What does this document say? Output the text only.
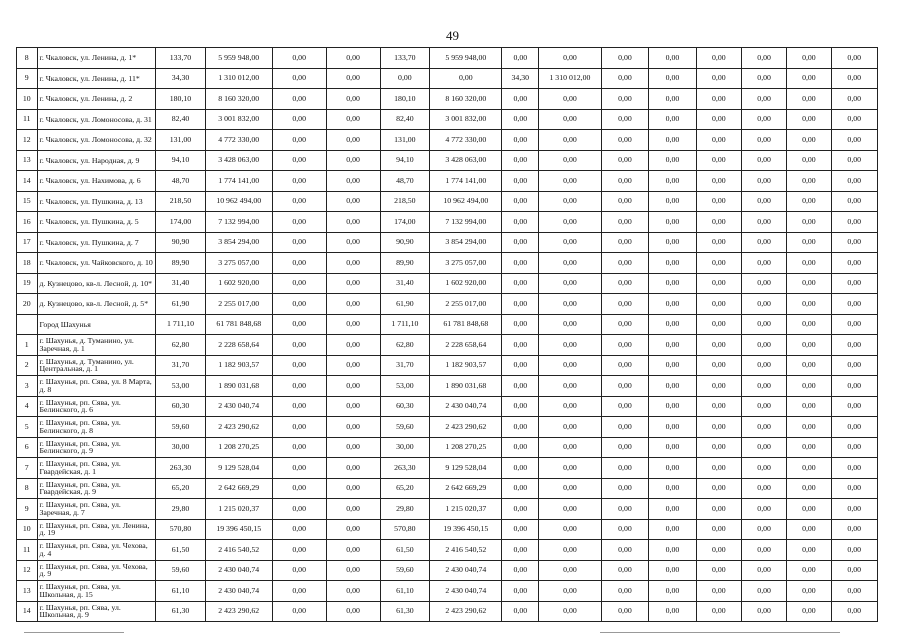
49
8	г. Чкаловск, ул. Ленина, д. 1*	133,70	5 959 948,00	0,00	0,00	133,70	5 959 948,00	0,00	0,00	0,00	0,00	0,00	0,00	0,00	0,00
9	г. Чкаловск, ул. Ленина, д. 11*	34,30	1 310 012,00	0,00	0,00	0,00	0,00	34,30	1 310 012,00	0,00	0,00	0,00	0,00	0,00	0,00
10	г. Чкаловск, ул. Ленина, д. 2	180,10	8 160 320,00	0,00	0,00	180,10	8 160 320,00	0,00	0,00	0,00	0,00	0,00	0,00	0,00	0,00
11	г. Чкаловск, ул. Ломоносова, д. 31	82,40	3 001 832,00	0,00	0,00	82,40	3 001 832,00	0,00	0,00	0,00	0,00	0,00	0,00	0,00	0,00
12	г. Чкаловск, ул. Ломоносова, д. 32	131,00	4 772 330,00	0,00	0,00	131,00	4 772 330,00	0,00	0,00	0,00	0,00	0,00	0,00	0,00	0,00
13	г. Чкаловск, ул. Народная, д. 9	94,10	3 428 063,00	0,00	0,00	94,10	3 428 063,00	0,00	0,00	0,00	0,00	0,00	0,00	0,00	0,00
14	г. Чкаловск, ул. Нахимова, д. 6	48,70	1 774 141,00	0,00	0,00	48,70	1 774 141,00	0,00	0,00	0,00	0,00	0,00	0,00	0,00	0,00
15	г. Чкаловск, ул. Пушкина, д. 13	218,50	10 962 494,00	0,00	0,00	218,50	10 962 494,00	0,00	0,00	0,00	0,00	0,00	0,00	0,00	0,00
16	г. Чкаловск, ул. Пушкина, д. 5	174,00	7 132 994,00	0,00	0,00	174,00	7 132 994,00	0,00	0,00	0,00	0,00	0,00	0,00	0,00	0,00
17	г. Чкаловск, ул. Пушкина, д. 7	90,90	3 854 294,00	0,00	0,00	90,90	3 854 294,00	0,00	0,00	0,00	0,00	0,00	0,00	0,00	0,00
18	г. Чкаловск, ул. Чайковского, д. 10	89,90	3 275 057,00	0,00	0,00	89,90	3 275 057,00	0,00	0,00	0,00	0,00	0,00	0,00	0,00	0,00
19	д. Кузнецово, кв-л. Лесной, д. 10*	31,40	1 602 920,00	0,00	0,00	31,40	1 602 920,00	0,00	0,00	0,00	0,00	0,00	0,00	0,00	0,00
20	д. Кузнецово, кв-л. Лесной, д. 5*	61,90	2 255 017,00	0,00	0,00	61,90	2 255 017,00	0,00	0,00	0,00	0,00	0,00	0,00	0,00	0,00
	Город Шахунья	1 711,10	61 781 848,68	0,00	0,00	1 711,10	61 781 848,68	0,00	0,00	0,00	0,00	0,00	0,00	0,00	0,00
1	г. Шахунья, д. Туманино, ул. Заречная, д. 1	62,80	2 228 658,64	0,00	0,00	62,80	2 228 658,64	0,00	0,00	0,00	0,00	0,00	0,00	0,00	0,00
2	г. Шахунья, д. Туманино, ул. Центральная, д. 1	31,70	1 182 903,57	0,00	0,00	31,70	1 182 903,57	0,00	0,00	0,00	0,00	0,00	0,00	0,00	0,00
3	г. Шахунья, рп. Сява, ул. 8 Марта, д. 8	53,00	1 890 031,68	0,00	0,00	53,00	1 890 031,68	0,00	0,00	0,00	0,00	0,00	0,00	0,00	0,00
4	г. Шахунья, рп. Сява, ул. Белинского, д. 6	60,30	2 430 040,74	0,00	0,00	60,30	2 430 040,74	0,00	0,00	0,00	0,00	0,00	0,00	0,00	0,00
5	г. Шахунья, рп. Сява, ул. Белинского, д. 8	59,60	2 423 290,62	0,00	0,00	59,60	2 423 290,62	0,00	0,00	0,00	0,00	0,00	0,00	0,00	0,00
6	г. Шахунья, рп. Сява, ул. Белинского, д. 9	30,00	1 208 270,25	0,00	0,00	30,00	1 208 270,25	0,00	0,00	0,00	0,00	0,00	0,00	0,00	0,00
7	г. Шахунья, рп. Сява, ул. Гвардейская, д. 1	263,30	9 129 528,04	0,00	0,00	263,30	9 129 528,04	0,00	0,00	0,00	0,00	0,00	0,00	0,00	0,00
8	г. Шахунья, рп. Сява, ул. Гвардейская, д. 9	65,20	2 642 669,29	0,00	0,00	65,20	2 642 669,29	0,00	0,00	0,00	0,00	0,00	0,00	0,00	0,00
9	г. Шахунья, рп. Сява, ул. Заречная, д. 7	29,80	1 215 020,37	0,00	0,00	29,80	1 215 020,37	0,00	0,00	0,00	0,00	0,00	0,00	0,00	0,00
10	г. Шахунья, рп. Сява, ул. Ленина, д. 19	570,80	19 396 450,15	0,00	0,00	570,80	19 396 450,15	0,00	0,00	0,00	0,00	0,00	0,00	0,00	0,00
11	г. Шахунья, рп. Сява, ул. Чехова, д. 4	61,50	2 416 540,52	0,00	0,00	61,50	2 416 540,52	0,00	0,00	0,00	0,00	0,00	0,00	0,00	0,00
12	г. Шахунья, рп. Сява, ул. Чехова, д. 9	59,60	2 430 040,74	0,00	0,00	59,60	2 430 040,74	0,00	0,00	0,00	0,00	0,00	0,00	0,00	0,00
13	г. Шахунья, рп. Сява, ул. Школьная, д. 15	61,10	2 430 040,74	0,00	0,00	61,10	2 430 040,74	0,00	0,00	0,00	0,00	0,00	0,00	0,00	0,00
14	г. Шахунья, рп. Сява, ул. Школьная, д. 9	61,30	2 423 290,62	0,00	0,00	61,30	2 423 290,62	0,00	0,00	0,00	0,00	0,00	0,00	0,00	0,00
